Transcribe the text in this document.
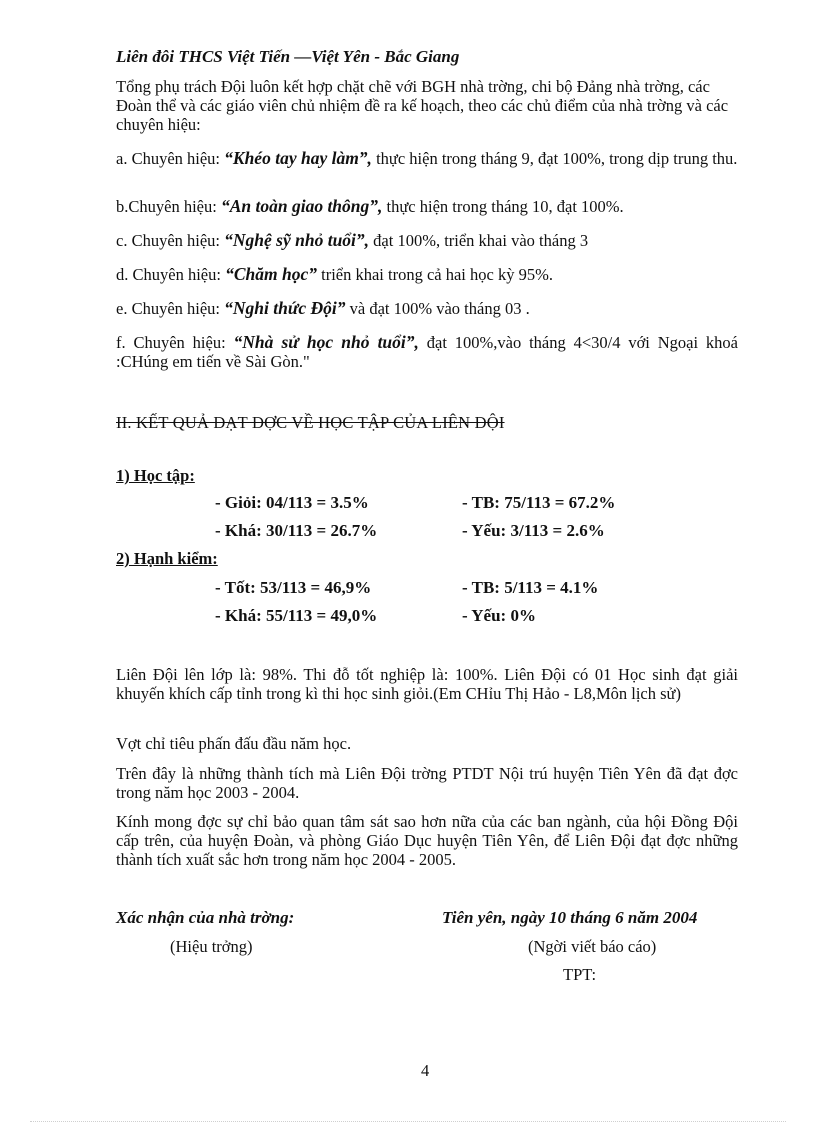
Liên đôi THCS Việt Tiến —Việt Yên - Bắc Giang

Tổng phụ trách Đội luôn kết hợp chặt chẽ với BGH nhà trờng, chi bộ Đảng nhà trờng, các Đoàn thể và các giáo viên chủ nhiệm đề ra kế hoạch, theo các chủ điểm của nhà trờng và các chuyên hiệu:

a. Chuyên hiệu: “Khéo tay hay làm”, thực hiện trong tháng 9, đạt 100%, trong dịp trung thu.

b.Chuyên hiệu: “An toàn giao thông”, thực hiện trong tháng 10, đạt 100%.

c. Chuyên hiệu: “Nghệ sỹ nhỏ tuổi”, đạt 100%, triển khai vào tháng 3

d. Chuyên hiệu: “Chăm học” triển khai trong cả hai học kỳ 95%.

e. Chuyên hiệu: “Nghi thức Đội” và đạt 100% vào tháng 03 .

f. Chuyên hiệu: “Nhà sử học nhỏ tuổi”, đạt 100%,vào tháng 4<30/4 với Ngoại khoá :CHúng em tiến về Sài Gòn."

II. KẾT QUẢ ĐẠT ĐỢC VỀ HỌC TẬP CỦA LIÊN ĐỘI
1) Học tập:
- Giỏi: 04/113 = 3.5%	- TB: 75/113 = 67.2%
- Khá: 30/113 = 26.7%	- Yếu: 3/113 = 2.6%
2) Hạnh kiểm:
- Tốt: 53/113 = 46,9%	- TB: 5/113 = 4.1%
- Khá: 55/113 = 49,0%	- Yếu: 0%

Liên Đội lên lớp là: 98%. Thi đỗ tốt nghiệp là: 100%. Liên Đội có 01 Học sinh đạt giải khuyến khích cấp tỉnh trong kì thi học sinh giỏi.(Em CHỉu Thị Hảo - L8,Môn lịch sử)

Vợt chỉ tiêu phấn đấu đầu năm học.

Trên đây là những thành tích mà Liên Đội trờng PTDT Nội trú huyện Tiên Yên đã đạt đợc trong năm học 2003 - 2004.

Kính mong đợc sự chỉ bảo quan tâm sát sao hơn nữa của các ban ngành, của hội Đồng Đội cấp trên, của huyện Đoàn, và phòng Giáo Dục huyện Tiên Yên, để Liên Đội đạt đợc những thành tích xuất sắc hơn trong năm học 2004 - 2005.

Xác nhận của nhà trờng:
(Hiệu trởng)
Tiên yên, ngày 10 tháng 6 năm 2004
(Ngời viết báo cáo)
TPT:
4
